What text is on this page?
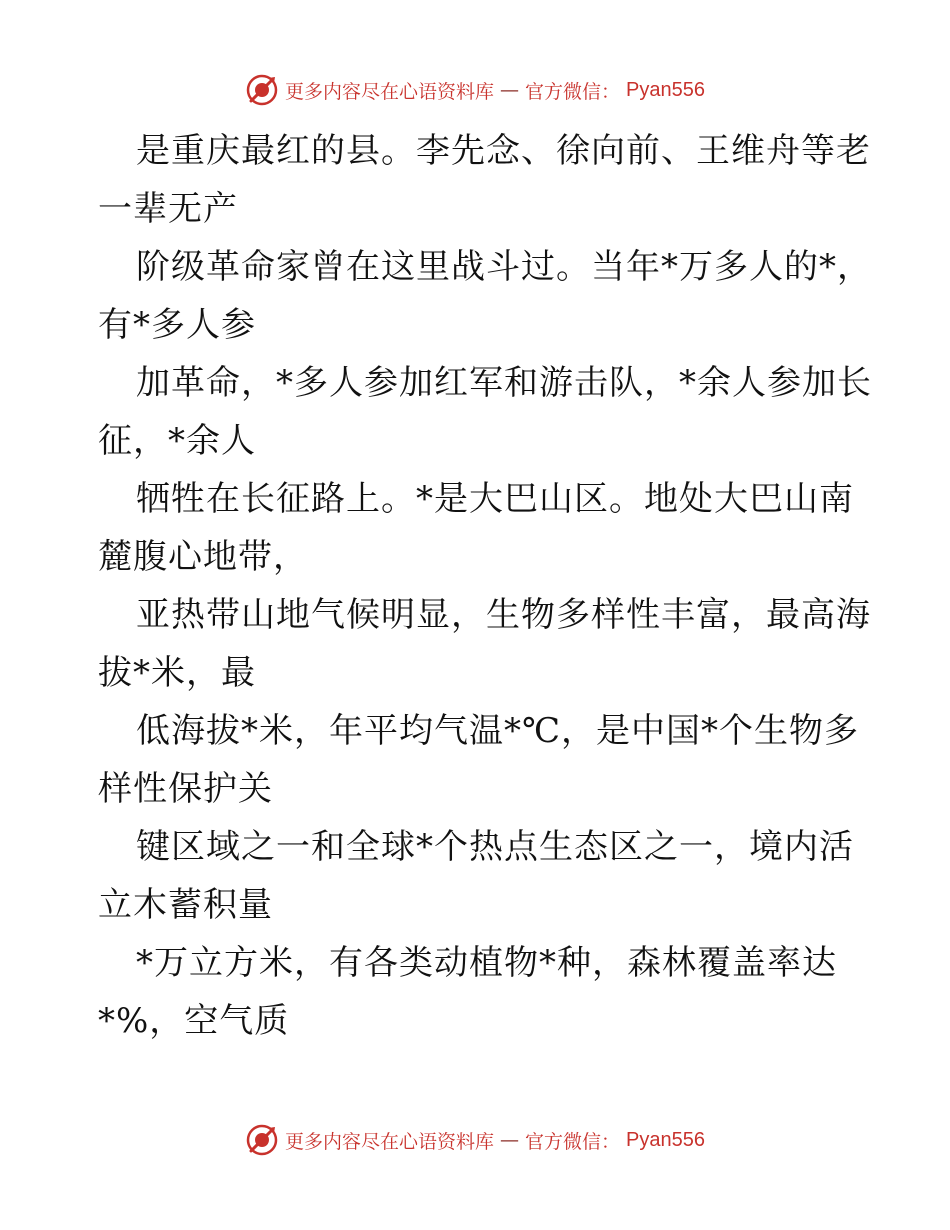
更多内容尽在心语资料库 — 官方微信： Pyan556
是重庆最红的县。李先念、徐向前、王维舟等老
一辈无产
阶级革命家曾在这里战斗过。当年*万多人的*，
有*多人参
加革命，*多人参加红军和游击队，*余人参加长
征，*余人
牺牲在长征路上。*是大巴山区。地处大巴山南
麓腹心地带，
亚热带山地气候明显，生物多样性丰富，最高海
拔*米，最
低海拔*米，年平均气温*℃，是中国*个生物多
样性保护关
键区域之一和全球*个热点生态区之一，境内活
立木蓄积量
*万立方米，有各类动植物*种，森林覆盖率达
*%，空气质
更多内容尽在心语资料库 — 官方微信： Pyan556
